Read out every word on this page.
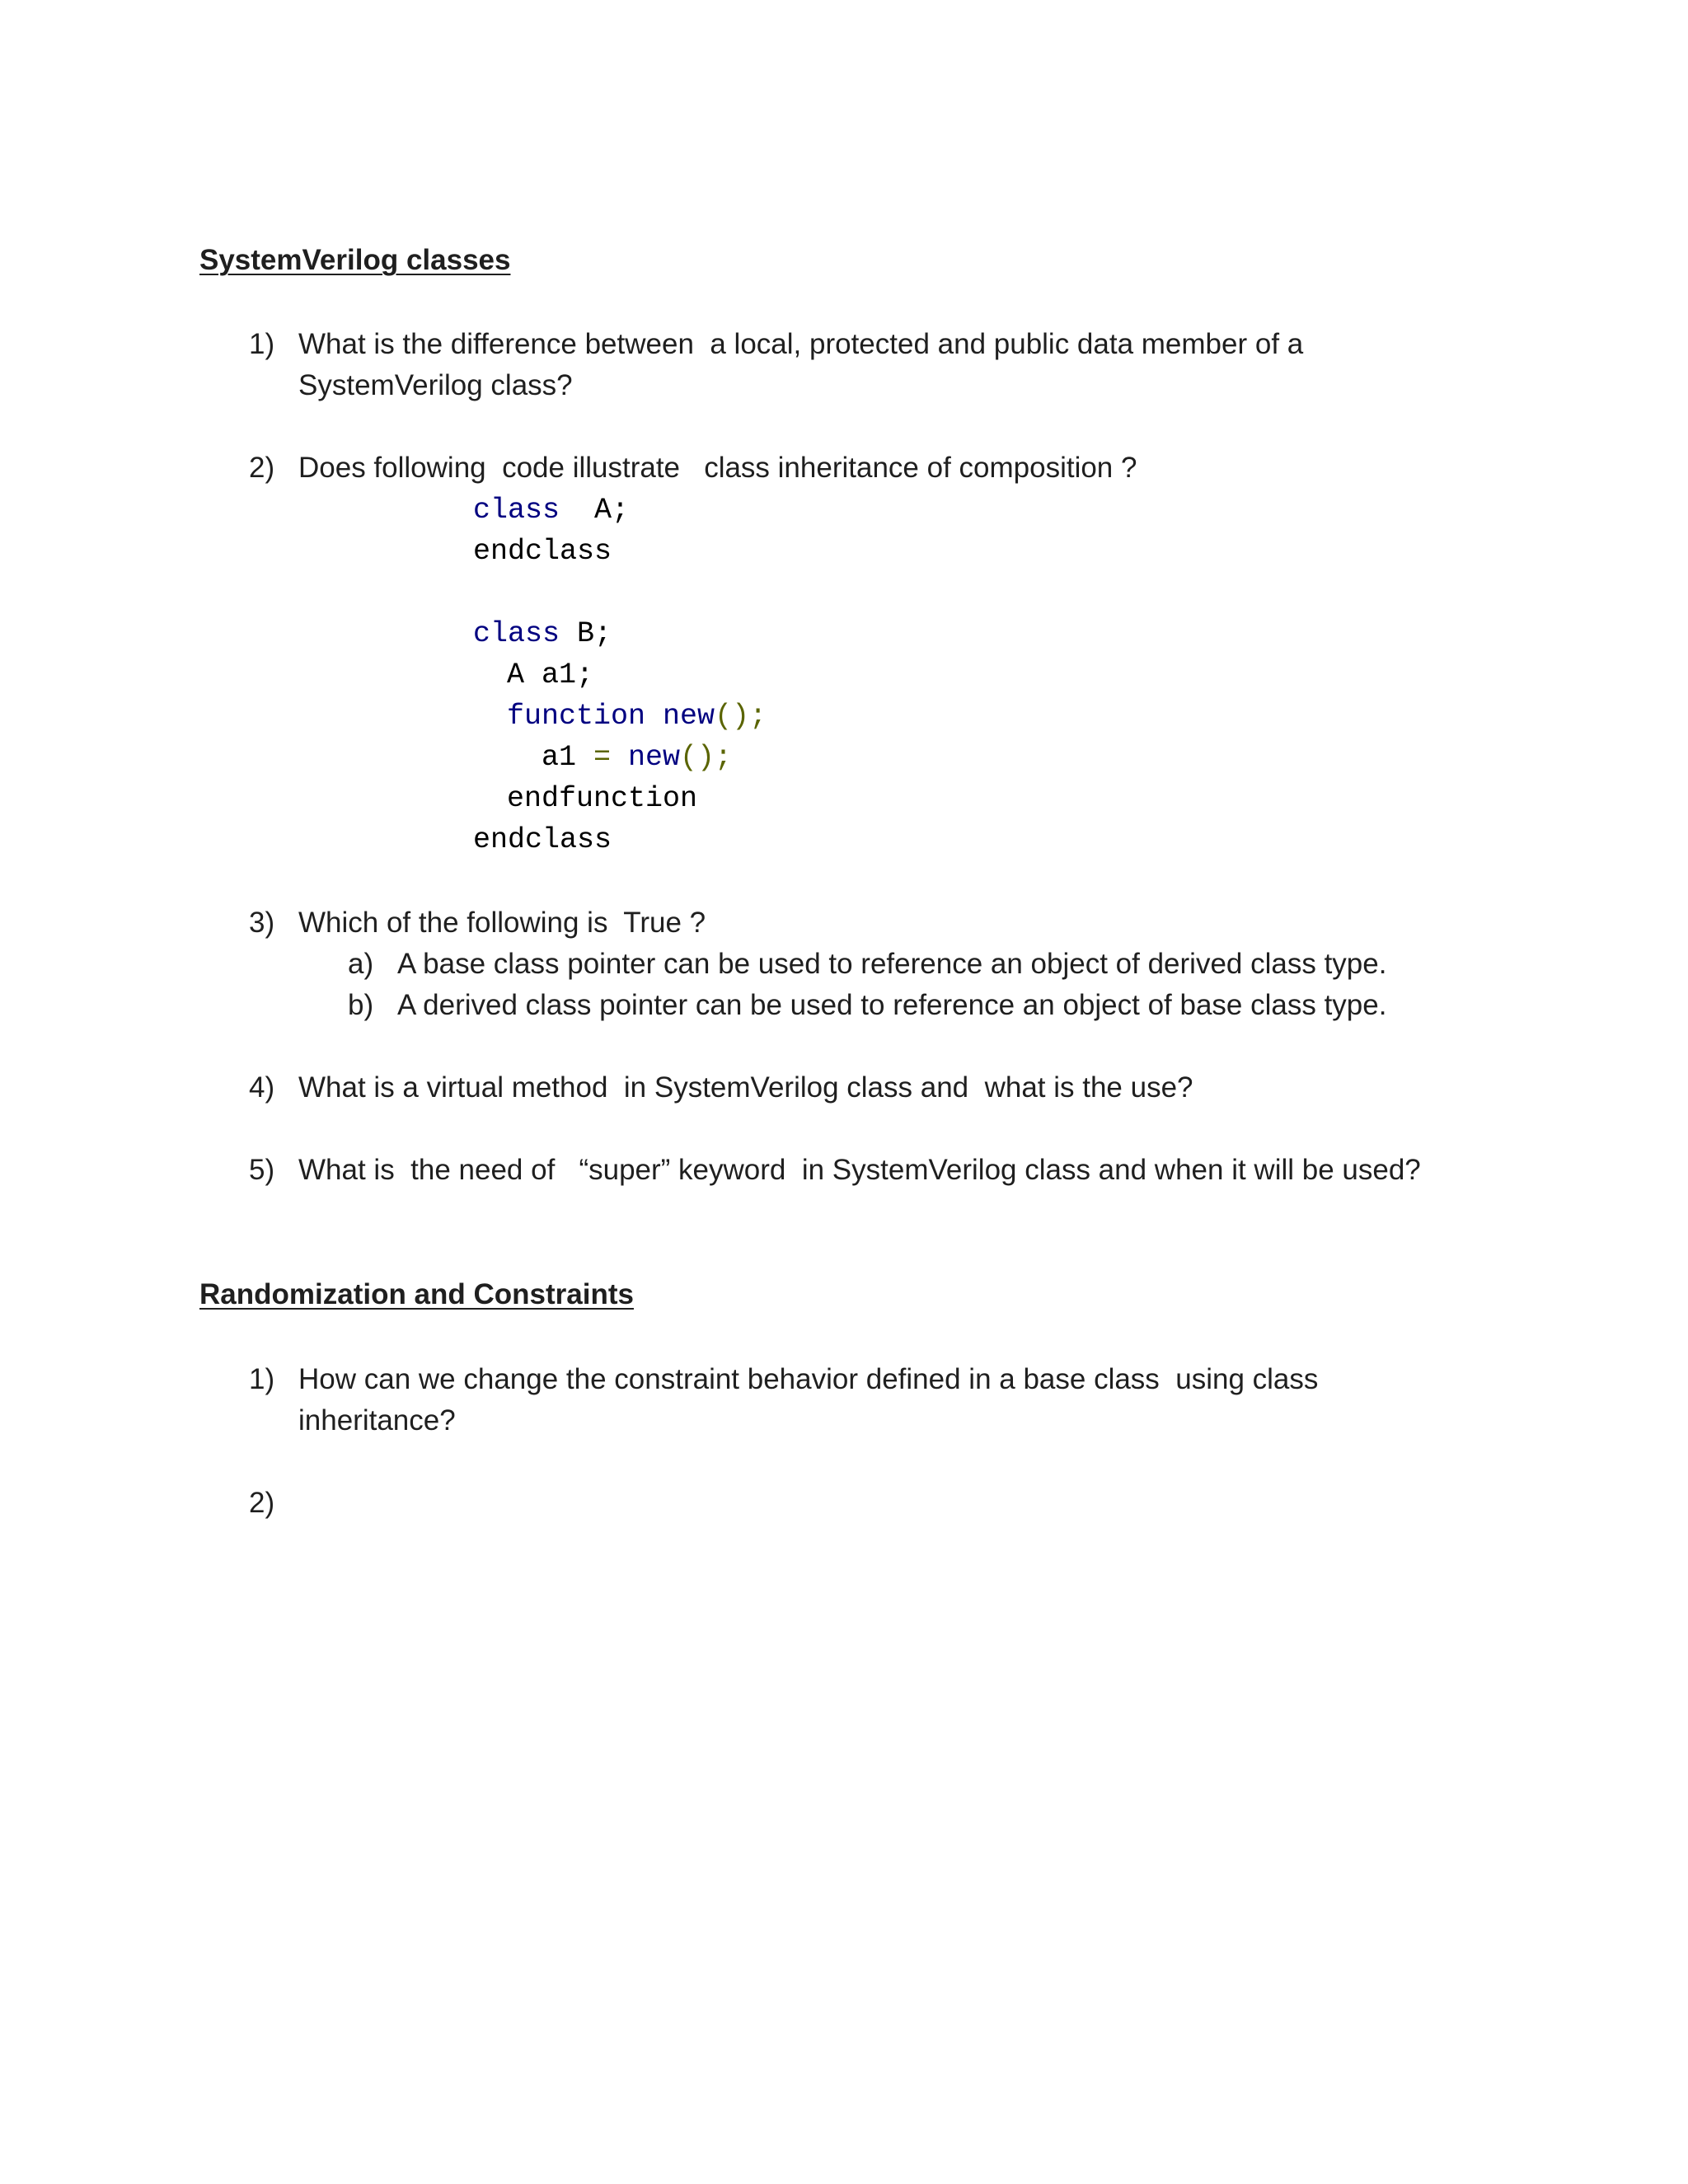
SystemVerilog classes
1) What is the difference between  a local, protected and public data member of a
SystemVerilog class?
2) Does following  code illustrate   class inheritance of composition ?
class  A;
endclass
class B;
A a1;
function new();
a1 = new();
endfunction
endclass
3) Which of the following is  True ?
a) A base class pointer can be used to reference an object of derived class type.
b) A derived class pointer can be used to reference an object of base class type.
4) What is a virtual method  in SystemVerilog class and  what is the use?
5) What is  the need of   “super” keyword  in SystemVerilog class and when it will be used?
Randomization and Constraints
1) How can we change the constraint behavior defined in a base class  using class
inheritance?
2)
